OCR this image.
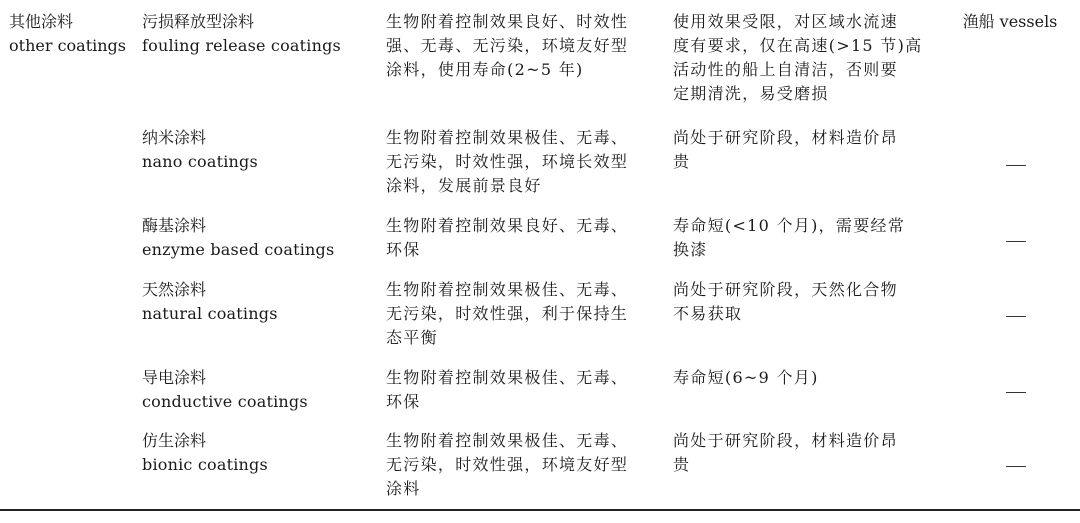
其他涂料
other coatings
污损释放型涂料
fouling release coatings
生物附着控制效果良好、时效性
强、无毒、无污染，环境友好型
涂料，使用寿命(2~5 年)
使用效果受限，对区域水流速
度有要求，仅在高速(>15 节)高
活动性的船上自清洁，否则要
定期清洗，易受磨损
渔船 vessels
纳米涂料
nano coatings
生物附着控制效果极佳、无毒、
无污染，时效性强，环境长效型
涂料，发展前景良好
尚处于研究阶段，材料造价昂
贵
酶基涂料
enzyme based coatings
生物附着控制效果良好、无毒、
环保
寿命短(<10 个月)，需要经常
换漆
天然涂料
natural coatings
生物附着控制效果极佳、无毒、
无污染，时效性强，利于保持生
态平衡
尚处于研究阶段，天然化合物
不易获取
导电涂料
conductive coatings
生物附着控制效果极佳、无毒、
环保
寿命短(6~9 个月)
仿生涂料
bionic coatings
生物附着控制效果极佳、无毒、
无污染，时效性强，环境友好型
涂料
尚处于研究阶段，材料造价昂
贵
